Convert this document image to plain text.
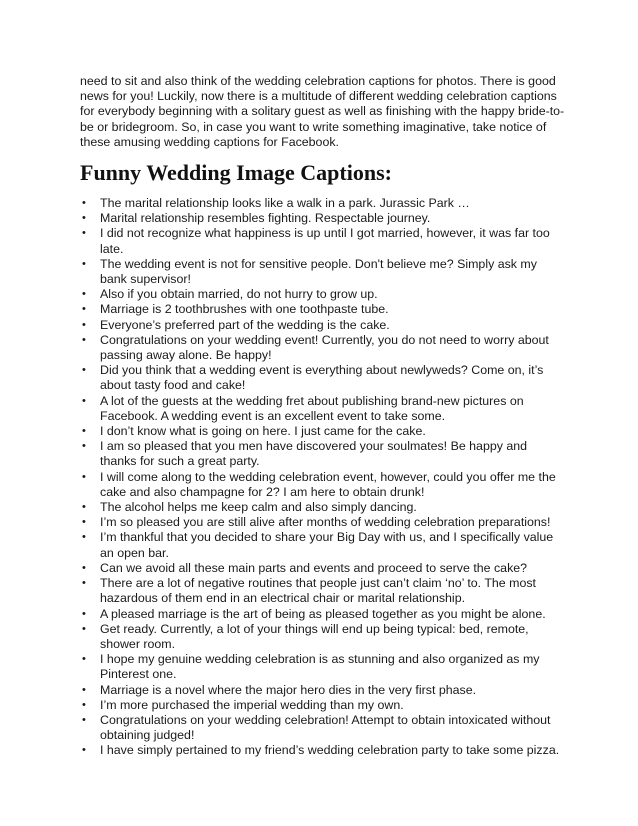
need to sit and also think of the wedding celebration captions for photos. There is good news for you! Luckily, now there is a multitude of different wedding celebration captions for everybody beginning with a solitary guest as well as finishing with the happy bride-to-be or bridegroom. So, in case you want to write something imaginative, take notice of these amusing wedding captions for Facebook.

Funny Wedding Image Captions:
• The marital relationship looks like a walk in a park. Jurassic Park …
• Marital relationship resembles fighting. Respectable journey.
• I did not recognize what happiness is up until I got married, however, it was far too late.
• The wedding event is not for sensitive people. Don't believe me? Simply ask my bank supervisor!
• Also if you obtain married, do not hurry to grow up.
• Marriage is 2 toothbrushes with one toothpaste tube.
• Everyone’s preferred part of the wedding is the cake.
• Congratulations on your wedding event! Currently, you do not need to worry about passing away alone. Be happy!
• Did you think that a wedding event is everything about newlyweds? Come on, it’s about tasty food and cake!
• A lot of the guests at the wedding fret about publishing brand-new pictures on Facebook. A wedding event is an excellent event to take some.
• I don’t know what is going on here. I just came for the cake.
• I am so pleased that you men have discovered your soulmates! Be happy and thanks for such a great party.
• I will come along to the wedding celebration event, however, could you offer me the cake and also champagne for 2? I am here to obtain drunk!
• The alcohol helps me keep calm and also simply dancing.
• I’m so pleased you are still alive after months of wedding celebration preparations!
• I’m thankful that you decided to share your Big Day with us, and I specifically value an open bar.
• Can we avoid all these main parts and events and proceed to serve the cake?
• There are a lot of negative routines that people just can’t claim ‘no’ to. The most hazardous of them end in an electrical chair or marital relationship.
• A pleased marriage is the art of being as pleased together as you might be alone.
• Get ready. Currently, a lot of your things will end up being typical: bed, remote, shower room.
• I hope my genuine wedding celebration is as stunning and also organized as my Pinterest one.
• Marriage is a novel where the major hero dies in the very first phase.
• I’m more purchased the imperial wedding than my own.
• Congratulations on your wedding celebration! Attempt to obtain intoxicated without obtaining judged!
• I have simply pertained to my friend’s wedding celebration party to take some pizza.
